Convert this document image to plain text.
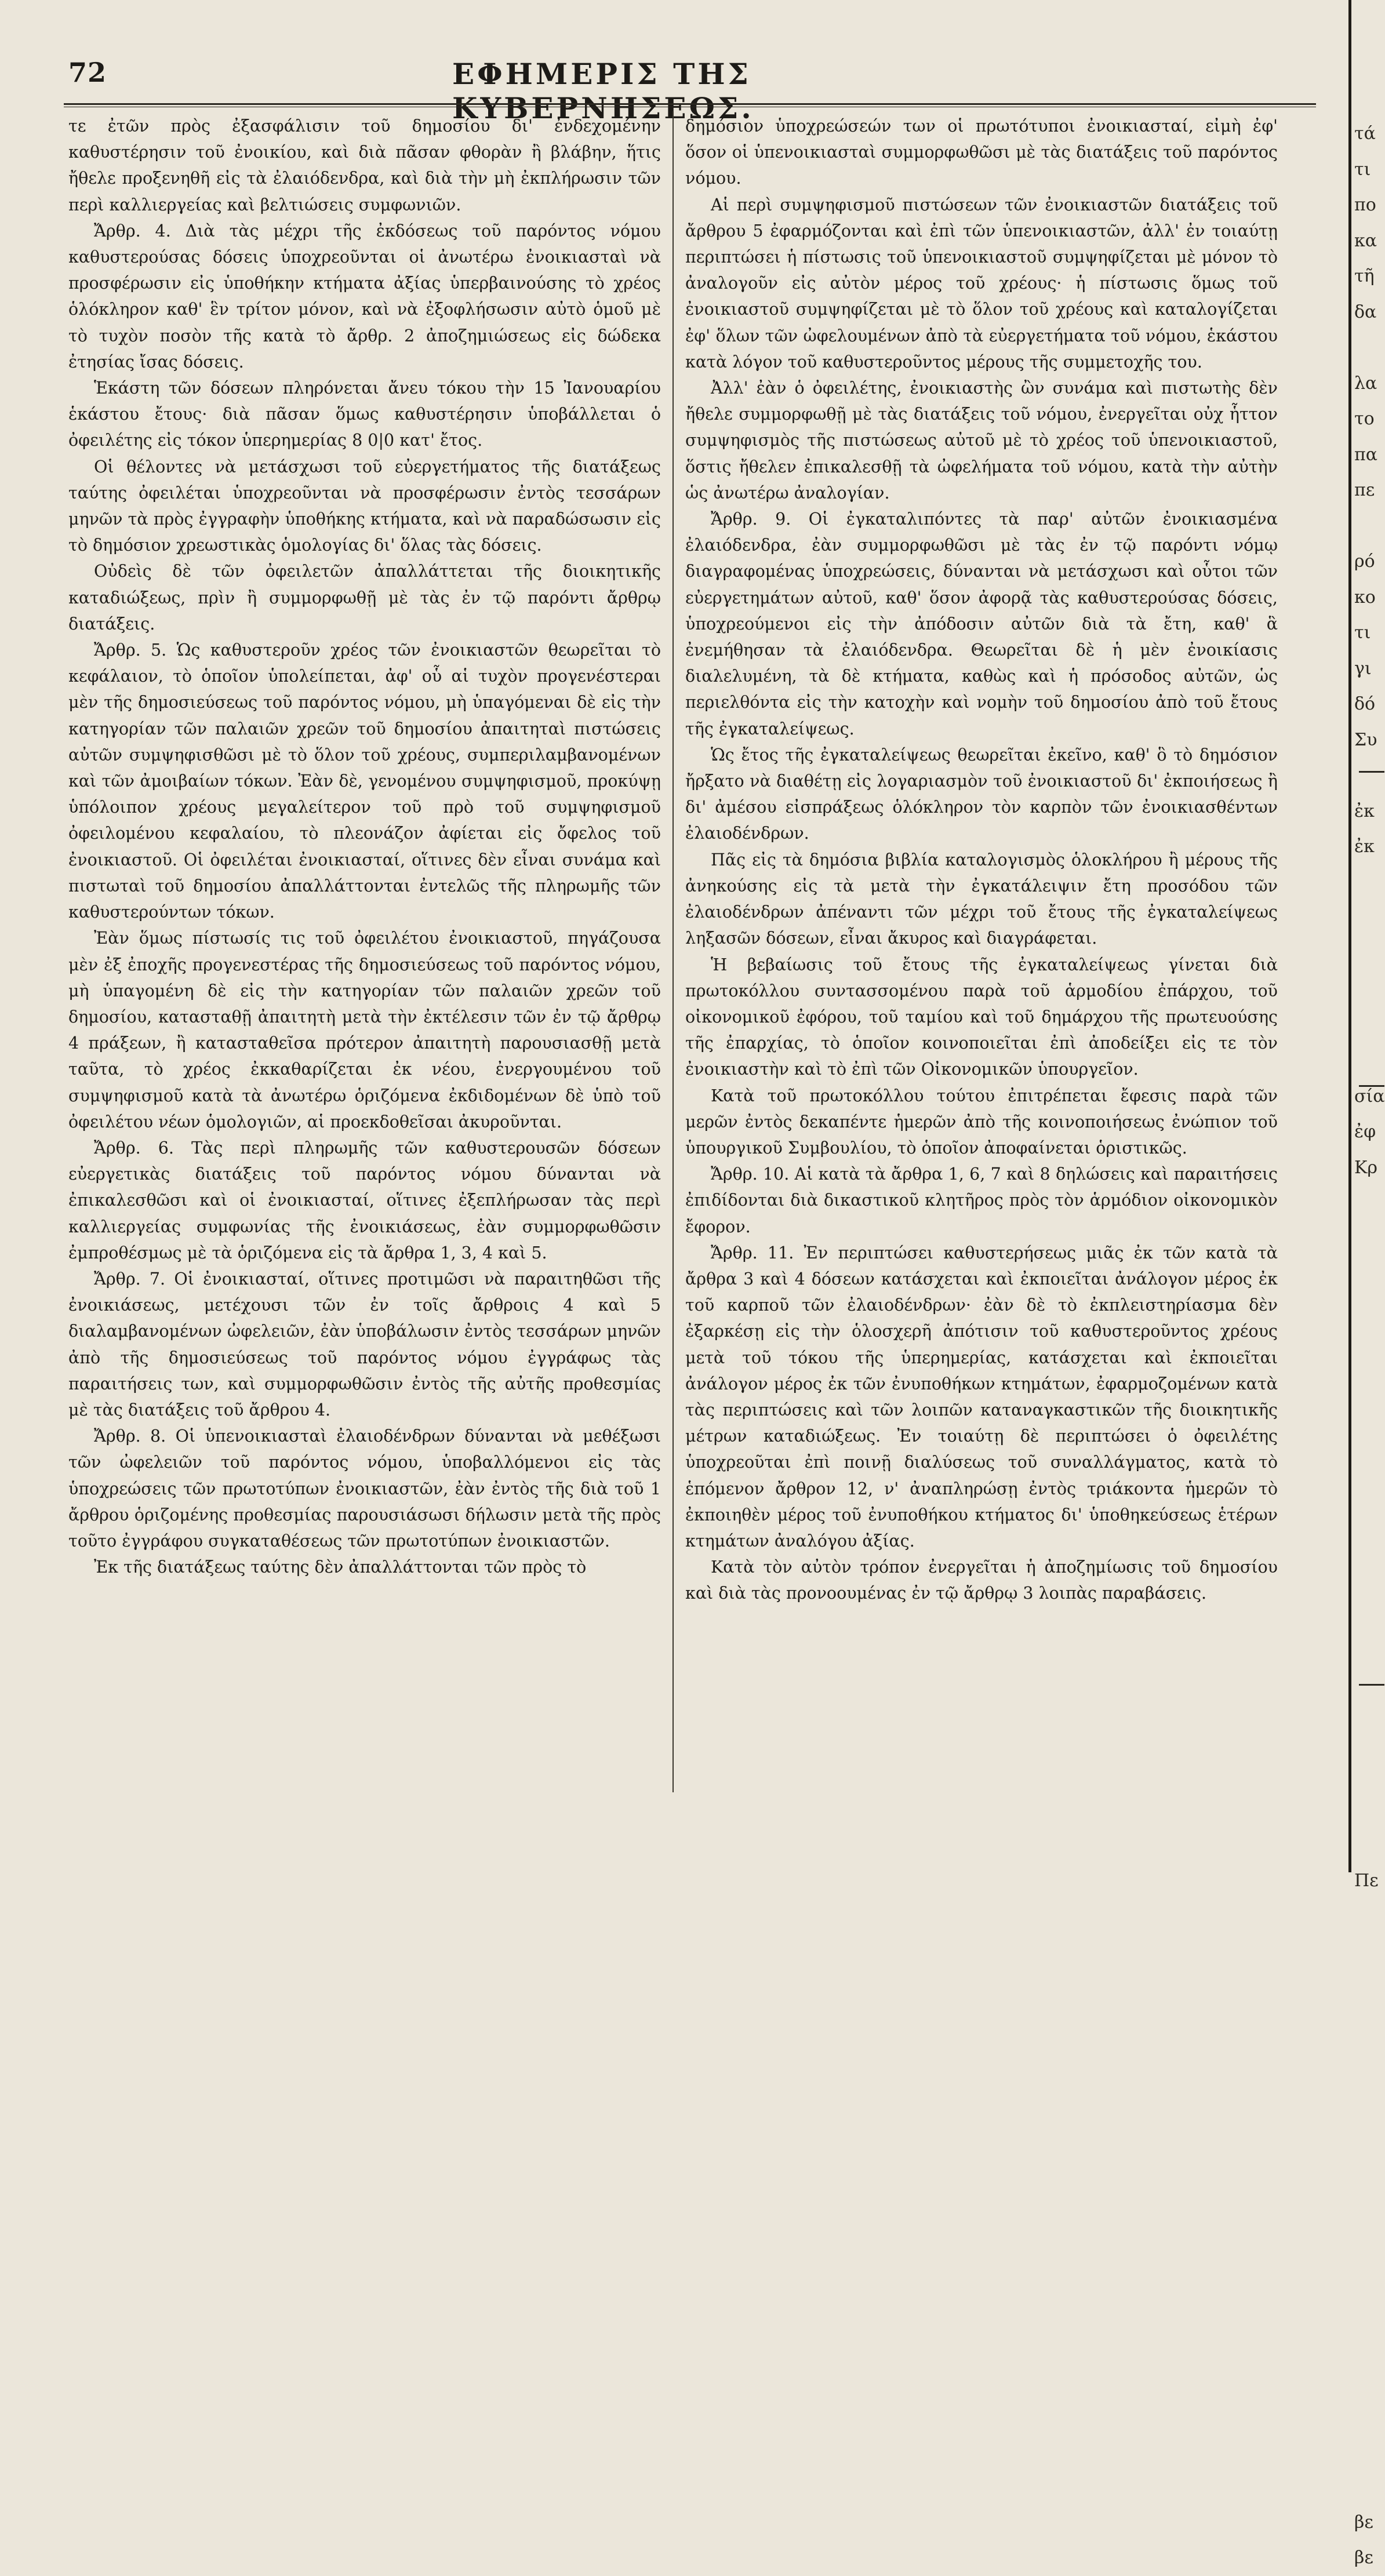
72	ΕΦΗΜΕΡΙΣ ΤΗΣ ΚΥΒΕΡΝΗΣΕΩΣ.

τε ἐτῶν πρὸς ἐξασφάλισιν τοῦ δημοσίου δι' ἐνδεχομένην καθυστέρησιν τοῦ ἐνοικίου, καὶ διὰ πᾶσαν φθορὰν ἢ βλάβην, ἥτις ἤθελε προξενηθῆ εἰς τὰ ἐλαιόδενδρα, καὶ διὰ τὴν μὴ ἐκπλήρωσιν τῶν περὶ καλλιεργείας καὶ βελτιώσεις συμφωνιῶν.

Ἄρθρ. 4. Διὰ τὰς μέχρι τῆς ἐκδόσεως τοῦ παρόντος νόμου καθυστερούσας δόσεις ὑποχρεοῦνται οἱ ἀνωτέρω ἐνοικιασταὶ νὰ προσφέρωσιν εἰς ὑποθήκην κτήματα ἀξίας ὑπερβαινούσης τὸ χρέος ὁλόκληρον καθ' ἓν τρίτον μόνον, καὶ νὰ ἐξοφλήσωσιν αὐτὸ ὁμοῦ μὲ τὸ τυχὸν ποσὸν τῆς κατὰ τὸ ἄρθρ. 2 ἀποζημιώσεως εἰς δώδεκα ἐτησίας ἴσας δόσεις.

Ἑκάστη τῶν δόσεων πληρόνεται ἄνευ τόκου τὴν 15 Ἰανουαρίου ἑκάστου ἔτους· διὰ πᾶσαν ὅμως καθυστέρησιν ὑποβάλλεται ὁ ὀφειλέτης εἰς τόκον ὑπερημερίας 8 0|0 κατ' ἔτος.

Οἱ θέλοντες νὰ μετάσχωσι τοῦ εὐεργετήματος τῆς διατάξεως ταύτης ὀφειλέται ὑποχρεοῦνται νὰ προσφέρωσιν ἐντὸς τεσσάρων μηνῶν τὰ πρὸς ἐγγραφὴν ὑποθήκης κτήματα, καὶ νὰ παραδώσωσιν εἰς τὸ δημόσιον χρεωστικὰς ὁμολογίας δι' ὅλας τὰς δόσεις.

Οὐδεὶς δὲ τῶν ὀφειλετῶν ἀπαλλάττεται τῆς διοικητικῆς καταδιώξεως, πρὶν ἢ συμμορφωθῇ μὲ τὰς ἐν τῷ παρόντι ἄρθρῳ διατάξεις.

Ἄρθρ. 5. Ὡς καθυστεροῦν χρέος τῶν ἐνοικιαστῶν θεωρεῖται τὸ κεφάλαιον, τὸ ὁποῖον ὑπολείπεται, ἀφ' οὗ αἱ τυχὸν προγενέστεραι μὲν τῆς δημοσιεύσεως τοῦ παρόντος νόμου, μὴ ὑπαγόμεναι δὲ εἰς τὴν κατηγορίαν τῶν παλαιῶν χρεῶν τοῦ δημοσίου ἀπαιτηταὶ πιστώσεις αὐτῶν συμψηφισθῶσι μὲ τὸ ὅλον τοῦ χρέους, συμπεριλαμβανομένων καὶ τῶν ἀμοιβαίων τόκων. Ἐὰν δὲ, γενομένου συμψηφισμοῦ, προκύψῃ ὑπόλοιπον χρέους μεγαλείτερον τοῦ πρὸ τοῦ συμψηφισμοῦ ὀφειλομένου κεφαλαίου, τὸ πλεονάζον ἀφίεται εἰς ὄφελος τοῦ ἐνοικιαστοῦ. Οἱ ὀφειλέται ἐνοικιασταί, οἵτινες δὲν εἶναι συνάμα καὶ πιστωταὶ τοῦ δημοσίου ἀπαλλάττονται ἐντελῶς τῆς πληρωμῆς τῶν καθυστερούντων τόκων.

Ἐὰν ὅμως πίστωσίς τις τοῦ ὀφειλέτου ἐνοικιαστοῦ, πηγάζουσα μὲν ἐξ ἐποχῆς προγενεστέρας τῆς δημοσιεύσεως τοῦ παρόντος νόμου, μὴ ὑπαγομένη δὲ εἰς τὴν κατηγορίαν τῶν παλαιῶν χρεῶν τοῦ δημοσίου, κατασταθῇ ἀπαιτητὴ μετὰ τὴν ἐκτέλεσιν τῶν ἐν τῷ ἄρθρῳ 4 πράξεων, ἢ κατασταθεῖσα πρότερον ἀπαιτητὴ παρουσιασθῇ μετὰ ταῦτα, τὸ χρέος ἐκκαθαρίζεται ἐκ νέου, ἐνεργουμένου τοῦ συμψηφισμοῦ κατὰ τὰ ἀνωτέρω ὁριζόμενα ἐκδιδομένων δὲ ὑπὸ τοῦ ὀφειλέτου νέων ὁμολογιῶν, αἱ προεκδοθεῖσαι ἀκυροῦνται.

Ἄρθρ. 6. Τὰς περὶ πληρωμῆς τῶν καθυστερουσῶν δόσεων εὐεργετικὰς διατάξεις τοῦ παρόντος νόμου δύνανται νὰ ἐπικαλεσθῶσι καὶ οἱ ἐνοικιασταί, οἵτινες ἐξεπλήρωσαν τὰς περὶ καλλιεργείας συμφωνίας τῆς ἐνοικιάσεως, ἐὰν συμμορφωθῶσιν ἐμπροθέσμως μὲ τὰ ὁριζόμενα εἰς τὰ ἄρθρα 1, 3, 4 καὶ 5.

Ἄρθρ. 7. Οἱ ἐνοικιασταί, οἵτινες προτιμῶσι νὰ παραιτηθῶσι τῆς ἐνοικιάσεως, μετέχουσι τῶν ἐν τοῖς ἄρθροις 4 καὶ 5 διαλαμβανομένων ὠφελειῶν, ἐὰν ὑποβάλωσιν ἐντὸς τεσσάρων μηνῶν ἀπὸ τῆς δημοσιεύσεως τοῦ παρόντος νόμου ἐγγράφως τὰς παραιτήσεις των, καὶ συμμορφωθῶσιν ἐντὸς τῆς αὐτῆς προθεσμίας μὲ τὰς διατάξεις τοῦ ἄρθρου 4.

Ἄρθρ. 8. Οἱ ὑπενοικιασταὶ ἐλαιοδένδρων δύνανται νὰ μεθέξωσι τῶν ὠφελειῶν τοῦ παρόντος νόμου, ὑποβαλλόμενοι εἰς τὰς ὑποχρεώσεις τῶν πρωτοτύπων ἐνοικιαστῶν, ἐὰν ἐντὸς τῆς διὰ τοῦ 1 ἄρθρου ὁριζομένης προθεσμίας παρουσιάσωσι δήλωσιν μετὰ τῆς πρὸς τοῦτο ἐγγράφου συγκαταθέσεως τῶν πρωτοτύπων ἐνοικιαστῶν.

Ἐκ τῆς διατάξεως ταύτης δὲν ἀπαλλάττονται τῶν πρὸς τὸ

δημόσιον ὑποχρεώσεών των οἱ πρωτότυποι ἐνοικιασταί, εἰμὴ ἐφ' ὅσον οἱ ὑπενοικιασταὶ συμμορφωθῶσι μὲ τὰς διατάξεις τοῦ παρόντος νόμου.

Αἱ περὶ συμψηφισμοῦ πιστώσεων τῶν ἐνοικιαστῶν διατάξεις τοῦ ἄρθρου 5 ἐφαρμόζονται καὶ ἐπὶ τῶν ὑπενοικιαστῶν, ἀλλ' ἐν τοιαύτῃ περιπτώσει ἡ πίστωσις τοῦ ὑπενοικιαστοῦ συμψηφίζεται μὲ μόνον τὸ ἀναλογοῦν εἰς αὐτὸν μέρος τοῦ χρέους· ἡ πίστωσις ὅμως τοῦ ἐνοικιαστοῦ συμψηφίζεται μὲ τὸ ὅλον τοῦ χρέους καὶ καταλογίζεται ἐφ' ὅλων τῶν ὠφελουμένων ἀπὸ τὰ εὐεργετήματα τοῦ νόμου, ἑκάστου κατὰ λόγον τοῦ καθυστεροῦντος μέρους τῆς συμμετοχῆς του.

Ἀλλ' ἐὰν ὁ ὀφειλέτης, ἐνοικιαστὴς ὢν συνάμα καὶ πιστωτὴς δὲν ἤθελε συμμορφωθῇ μὲ τὰς διατάξεις τοῦ νόμου, ἐνεργεῖται οὐχ ἧττον συμψηφισμὸς τῆς πιστώσεως αὐτοῦ μὲ τὸ χρέος τοῦ ὑπενοικιαστοῦ, ὅστις ἤθελεν ἐπικαλεσθῇ τὰ ὠφελήματα τοῦ νόμου, κατὰ τὴν αὐτὴν ὡς ἀνωτέρω ἀναλογίαν.

Ἄρθρ. 9. Οἱ ἐγκαταλιπόντες τὰ παρ' αὐτῶν ἐνοικιασμένα ἐλαιόδενδρα, ἐὰν συμμορφωθῶσι μὲ τὰς ἐν τῷ παρόντι νόμῳ διαγραφομένας ὑποχρεώσεις, δύνανται νὰ μετάσχωσι καὶ οὗτοι τῶν εὐεργετημάτων αὐτοῦ, καθ' ὅσον ἀφορᾷ τὰς καθυστερούσας δόσεις, ὑποχρεούμενοι εἰς τὴν ἀπόδοσιν αὐτῶν διὰ τὰ ἔτη, καθ' ἃ ἐνεμήθησαν τὰ ἐλαιόδενδρα. Θεωρεῖται δὲ ἡ μὲν ἐνοικίασις διαλελυμένη, τὰ δὲ κτήματα, καθὼς καὶ ἡ πρόσοδος αὐτῶν, ὡς περιελθόντα εἰς τὴν κατοχὴν καὶ νομὴν τοῦ δημοσίου ἀπὸ τοῦ ἔτους τῆς ἐγκαταλείψεως.

Ὡς ἔτος τῆς ἐγκαταλείψεως θεωρεῖται ἐκεῖνο, καθ' ὃ τὸ δημόσιον ἤρξατο νὰ διαθέτῃ εἰς λογαριασμὸν τοῦ ἐνοικιαστοῦ δι' ἐκποιήσεως ἢ δι' ἀμέσου εἰσπράξεως ὁλόκληρον τὸν καρπὸν τῶν ἐνοικιασθέντων ἐλαιοδένδρων.

Πᾶς εἰς τὰ δημόσια βιβλία καταλογισμὸς ὁλοκλήρου ἢ μέρους τῆς ἀνηκούσης εἰς τὰ μετὰ τὴν ἐγκατάλειψιν ἔτη προσόδου τῶν ἐλαιοδένδρων ἀπέναντι τῶν μέχρι τοῦ ἔτους τῆς ἐγκαταλείψεως ληξασῶν δόσεων, εἶναι ἄκυρος καὶ διαγράφεται.

Ἡ βεβαίωσις τοῦ ἔτους τῆς ἐγκαταλείψεως γίνεται διὰ πρωτοκόλλου συντασσομένου παρὰ τοῦ ἁρμοδίου ἐπάρχου, τοῦ οἰκονομικοῦ ἐφόρου, τοῦ ταμίου καὶ τοῦ δημάρχου τῆς πρωτευούσης τῆς ἐπαρχίας, τὸ ὁποῖον κοινοποιεῖται ἐπὶ ἀποδείξει εἰς τε τὸν ἐνοικιαστὴν καὶ τὸ ἐπὶ τῶν Οἰκονομικῶν ὑπουργεῖον.

Κατὰ τοῦ πρωτοκόλλου τούτου ἐπιτρέπεται ἔφεσις παρὰ τῶν μερῶν ἐντὸς δεκαπέντε ἡμερῶν ἀπὸ τῆς κοινοποιήσεως ἐνώπιον τοῦ ὑπουργικοῦ Συμβουλίου, τὸ ὁποῖον ἀποφαίνεται ὁριστικῶς.

Ἄρθρ. 10. Αἱ κατὰ τὰ ἄρθρα 1, 6, 7 καὶ 8 δηλώσεις καὶ παραιτήσεις ἐπιδίδονται διὰ δικαστικοῦ κλητῆρος πρὸς τὸν ἁρμόδιον οἰκονομικὸν ἔφορον.

Ἄρθρ. 11. Ἐν περιπτώσει καθυστερήσεως μιᾶς ἐκ τῶν κατὰ τὰ ἄρθρα 3 καὶ 4 δόσεων κατάσχεται καὶ ἐκποιεῖται ἀνάλογον μέρος ἐκ τοῦ καρποῦ τῶν ἐλαιοδένδρων· ἐὰν δὲ τὸ ἐκπλειστηρίασμα δὲν ἐξαρκέσῃ εἰς τὴν ὁλοσχερῆ ἀπότισιν τοῦ καθυστεροῦντος χρέους μετὰ τοῦ τόκου τῆς ὑπερημερίας, κατάσχεται καὶ ἐκποιεῖται ἀνάλογον μέρος ἐκ τῶν ἐνυποθήκων κτημάτων, ἐφαρμοζομένων κατὰ τὰς περιπτώσεις καὶ τῶν λοιπῶν καταναγκαστικῶν τῆς διοικητικῆς μέτρων καταδιώξεως. Ἐν τοιαύτῃ δὲ περιπτώσει ὁ ὀφειλέτης ὑποχρεοῦται ἐπὶ ποινῇ διαλύσεως τοῦ συναλλάγματος, κατὰ τὸ ἑπόμενον ἄρθρον 12, ν' ἀναπληρώσῃ ἐντὸς τριάκοντα ἡμερῶν τὸ ἐκποιηθὲν μέρος τοῦ ἐνυποθήκου κτήματος δι' ὑποθηκεύσεως ἑτέρων κτημάτων ἀναλόγου ἀξίας.

Κατὰ τὸν αὐτὸν τρόπον ἐνεργεῖται ἡ ἀποζημίωσις τοῦ δημοσίου καὶ διὰ τὰς προνοουμένας ἐν τῷ ἄρθρῳ 3 λοιπὰς παραβάσεις.

τά
τι
πο
κα
τῆ
δα
λα
το
πα
πε
ρό
κο
τι
γι
δό
Συ
ἐκ
ἐκ
σία
ἐφ
Κρ
Πε
βε
βε
